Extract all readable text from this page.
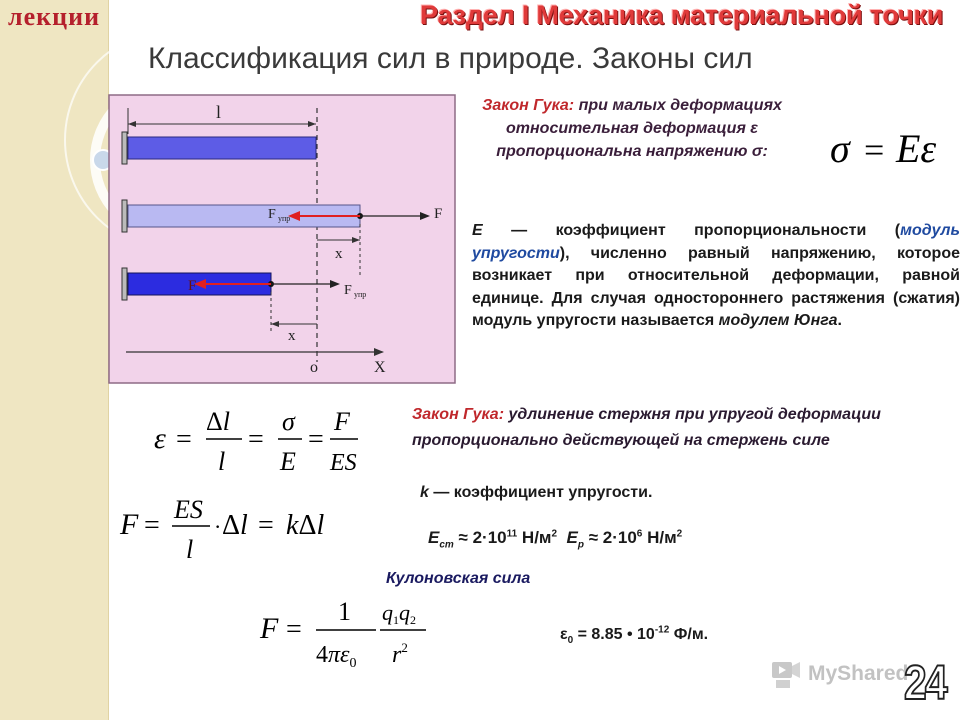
лекции	Раздел I Механика материальной точки
Классификация сил в природе. Законы сил
l
F
F упр
x
F	F упр
x
o	X
Закон Гука: при малых деформациях относительная деформация ε пропорциональна напряжению σ:	σ = Eε
E — коэффициент пропорциональности (модуль упругости), численно равный напряжению, которое возникает при относительной деформации, равной единице. Для случая одностороннего растяжения (сжатия) модуль упругости называется модулем Юнга.
ε =
Δl
l
=
σ
E
=
F
ES
Закон Гука: удлинение стержня при упругой деформации пропорционально действующей на стержень силе
k — коэффициент упругости.
F =
ES
l
· Δl = kΔl	$E_{ст} \approx 2\cdot 10^{11}$ $Н/м^2$ $E_р \approx 2\cdot 10^6$ $Н/м^2$
Кулоновская сила
F =
1
$4\pi\varepsilon_0$
q1q2
$r^2$
$\varepsilon_0 = 8.85$ • $10^{-12}$ Ф/м.
MyShared
24
